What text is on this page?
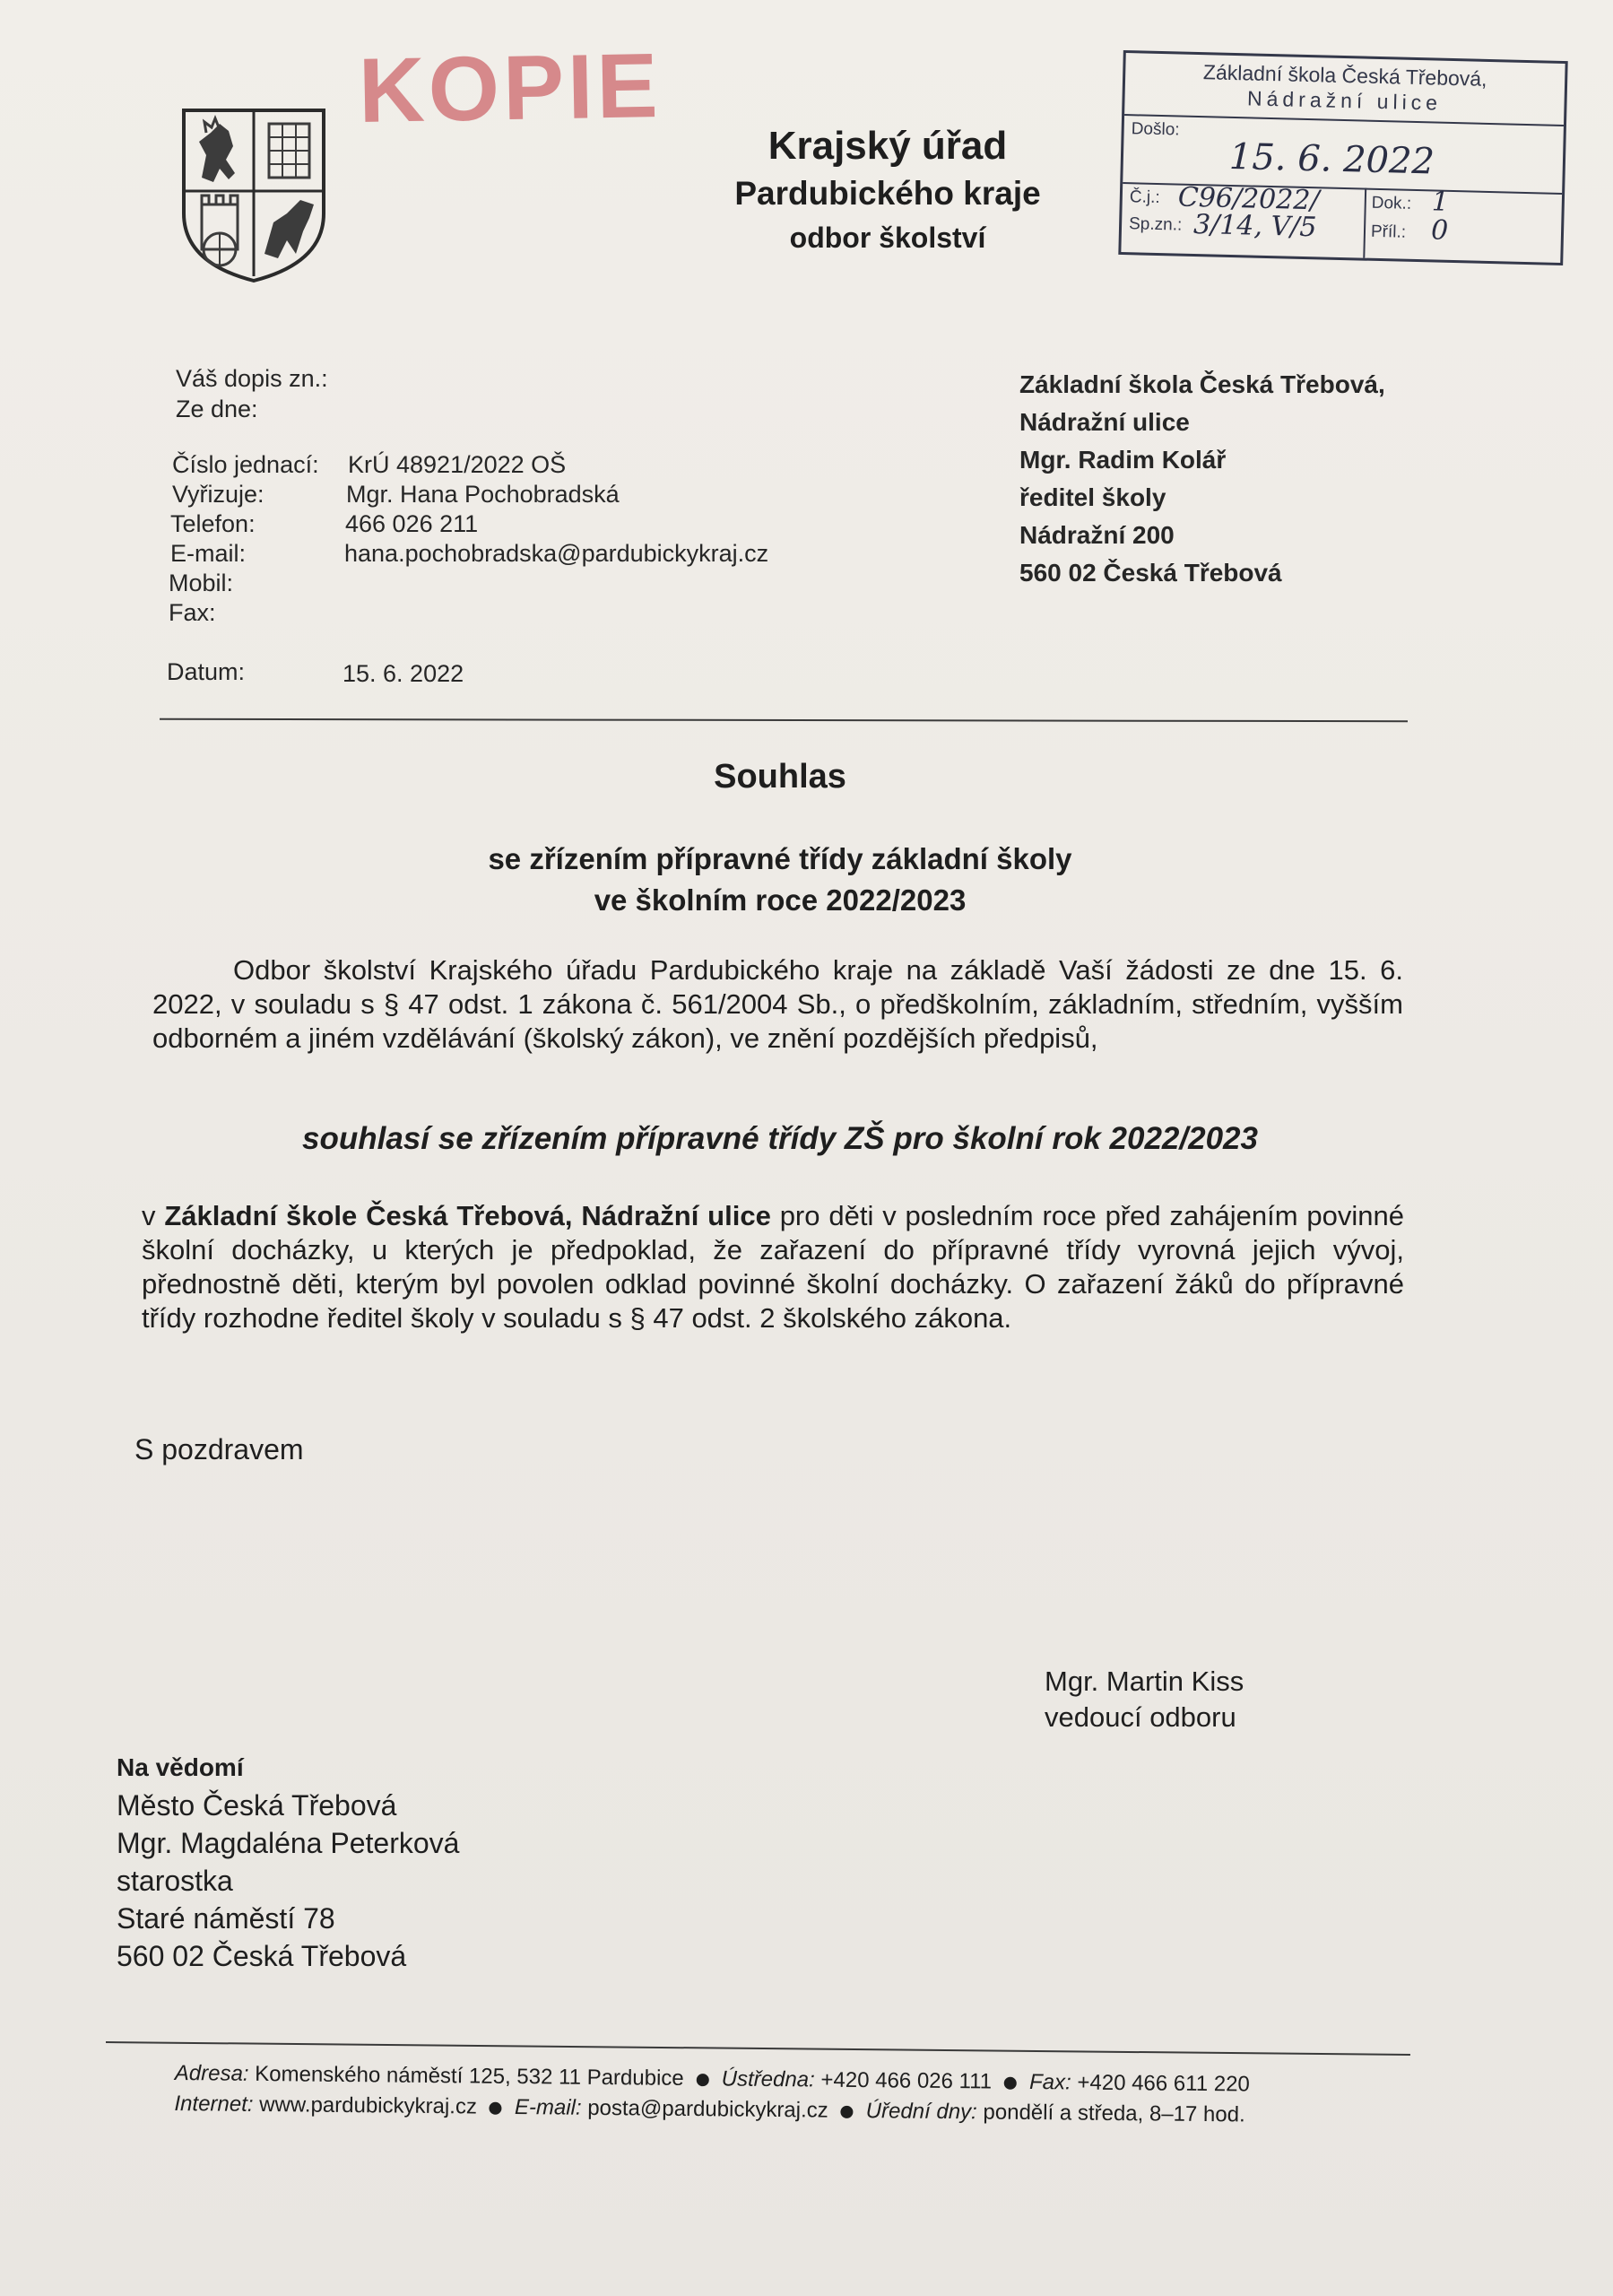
KOPIE
Krajský úřad
Pardubického kraje
odbor školství
Základní škola Česká Třebová,
Nádražní ulice
Došlo:
15. 6. 2022
Č.j.: C96/2022/
Sp.zn.: 3/14, V/5
Dok.: 1
Příl.: 0
Váš dopis zn.:
Ze dne:
Číslo jednací: KrÚ 48921/2022 OŠ
Vyřizuje:	Mgr. Hana Pochobradská
Telefon:	466 026 211
E-mail:	hana.pochobradska@pardubickykraj.cz
Mobil:
Fax:
Datum:	15. 6. 2022
Základní škola Česká Třebová,
Nádražní ulice
Mgr. Radim Kolář
ředitel školy
Nádražní 200
560 02 Česká Třebová
Souhlas
se zřízením přípravné třídy základní školy
ve školním roce 2022/2023
Odbor školství Krajského úřadu Pardubického kraje na základě Vaší žádosti ze dne 15. 6. 2022, v souladu s § 47 odst. 1 zákona č. 561/2004 Sb., o předškolním, základním, středním, vyšším odborném a jiném vzdělávání (školský zákon), ve znění pozdějších předpisů,
souhlasí se zřízením přípravné třídy ZŠ pro školní rok 2022/2023
v Základní škole Česká Třebová, Nádražní ulice pro děti v posledním roce před zahájením povinné školní docházky, u kterých je předpoklad, že zařazení do přípravné třídy vyrovná jejich vývoj, přednostně děti, kterým byl povolen odklad povinné školní docházky. O zařazení žáků do přípravné třídy rozhodne ředitel školy v souladu s § 47 odst. 2 školského zákona.
S pozdravem
Mgr. Martin Kiss
vedoucí odboru
Na vědomí
Město Česká Třebová
Mgr. Magdaléna Peterková
starostka
Staré náměstí 78
560 02 Česká Třebová
Adresa: Komenského náměstí 125, 532 11 Pardubice Ústředna: +420 466 026 111 Fax: +420 466 611 220
Internet: www.pardubickykraj.cz E-mail: posta@pardubickykraj.cz Úřední dny: pondělí a středa, 8–17 hod.
